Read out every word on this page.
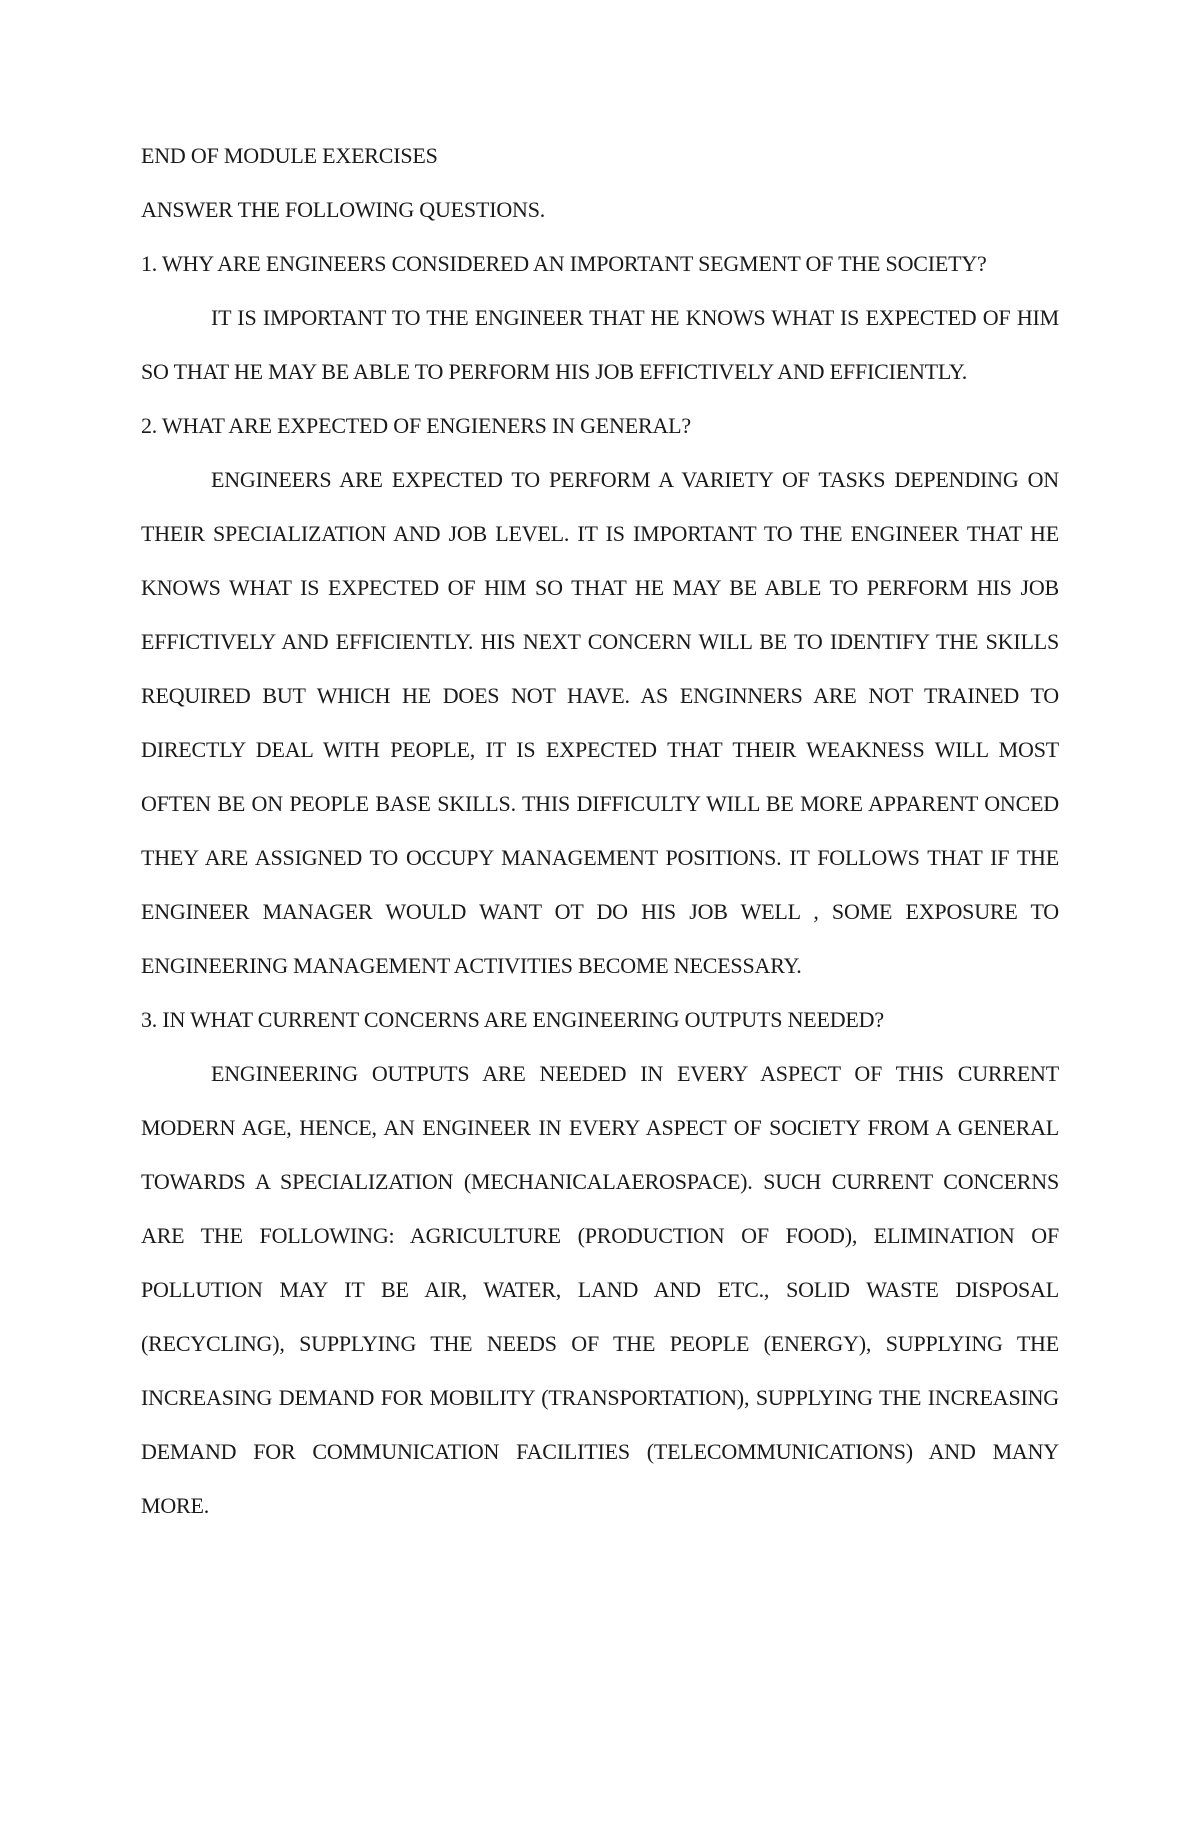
END OF MODULE EXERCISES

ANSWER THE FOLLOWING QUESTIONS.

1. WHY ARE ENGINEERS CONSIDERED AN IMPORTANT SEGMENT OF THE SOCIETY?

IT IS IMPORTANT TO THE ENGINEER THAT HE KNOWS WHAT IS EXPECTED OF HIM SO THAT HE MAY BE ABLE TO PERFORM HIS JOB EFFICTIVELY AND EFFICIENTLY.

2. WHAT ARE EXPECTED OF ENGIENERS IN GENERAL?

ENGINEERS ARE EXPECTED TO PERFORM A VARIETY OF TASKS DEPENDING ON THEIR SPECIALIZATION AND JOB LEVEL. IT IS IMPORTANT TO THE ENGINEER THAT HE KNOWS WHAT IS EXPECTED OF HIM SO THAT HE MAY BE ABLE TO PERFORM HIS JOB EFFICTIVELY AND EFFICIENTLY. HIS NEXT CONCERN WILL BE TO IDENTIFY THE SKILLS REQUIRED BUT WHICH HE DOES NOT HAVE. AS ENGINNERS ARE NOT TRAINED TO DIRECTLY DEAL WITH PEOPLE, IT IS EXPECTED THAT THEIR WEAKNESS WILL MOST OFTEN BE ON PEOPLE BASE SKILLS. THIS DIFFICULTY WILL BE MORE APPARENT ONCED THEY ARE ASSIGNED TO OCCUPY MANAGEMENT POSITIONS. IT FOLLOWS THAT IF THE ENGINEER MANAGER WOULD WANT OT DO HIS JOB WELL , SOME EXPOSURE TO ENGINEERING MANAGEMENT ACTIVITIES BECOME NECESSARY.

3. IN WHAT CURRENT CONCERNS ARE ENGINEERING OUTPUTS NEEDED?

ENGINEERING OUTPUTS ARE NEEDED IN EVERY ASPECT OF THIS CURRENT MODERN AGE, HENCE, AN ENGINEER IN EVERY ASPECT OF SOCIETY FROM A GENERAL TOWARDS A SPECIALIZATION (MECHANICALAEROSPACE). SUCH CURRENT CONCERNS ARE THE FOLLOWING: AGRICULTURE (PRODUCTION OF FOOD), ELIMINATION OF POLLUTION MAY IT BE AIR, WATER, LAND AND ETC., SOLID WASTE DISPOSAL (RECYCLING), SUPPLYING THE NEEDS OF THE PEOPLE (ENERGY), SUPPLYING THE INCREASING DEMAND FOR MOBILITY (TRANSPORTATION), SUPPLYING THE INCREASING DEMAND FOR COMMUNICATION FACILITIES (TELECOMMUNICATIONS) AND MANY MORE.
